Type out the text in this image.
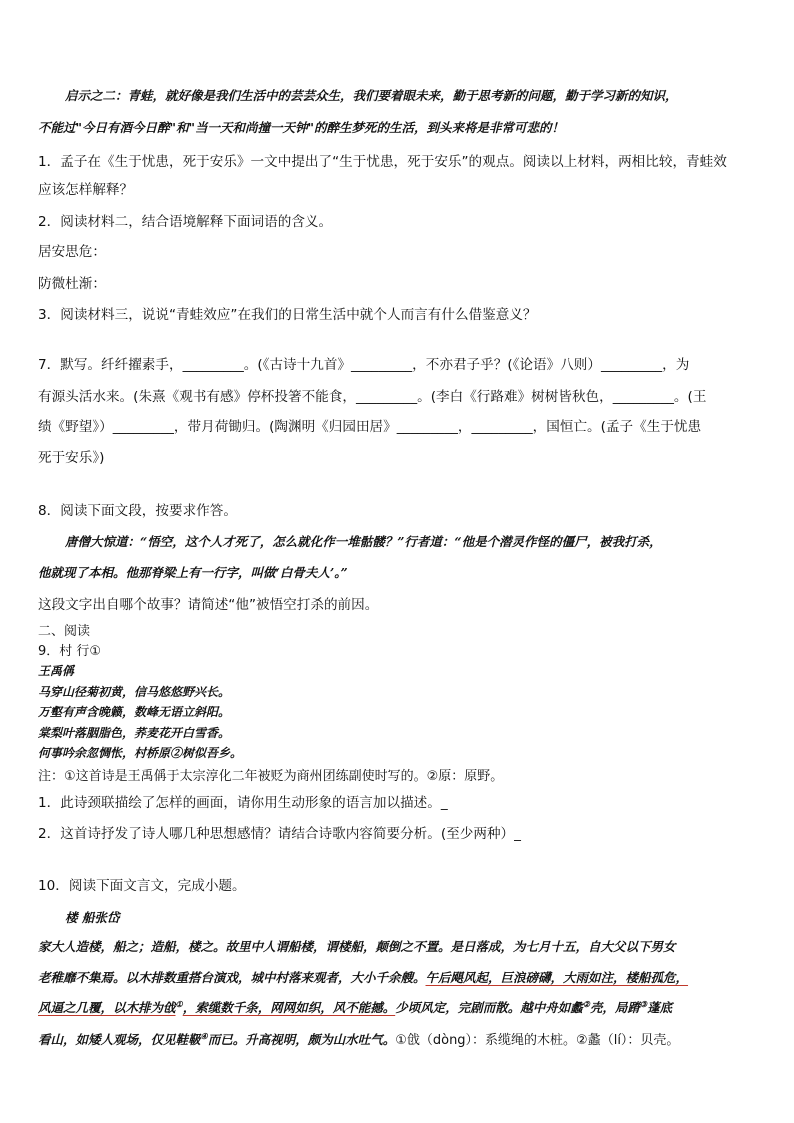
启示之二：青蛙，就好像是我们生活中的芸芸众生，我们要着眼未来，勤于思考新的问题，勤于学习新的知识，
不能过"今日有酒今日醉"和"当一天和尚撞一天钟"的醉生梦死的生活，到头来将是非常可悲的！
1．孟子在《生于忧患，死于安乐》一文中提出了“生于忧患，死于安乐”的观点。阅读以上材料，两相比较，青蛙效
应该怎样解释？
2．阅读材料二，结合语境解释下面词语的含义。
居安思危：
防微杜渐：
3．阅读材料三，说说“青蛙效应”在我们的日常生活中就个人而言有什么借鉴意义？
7．默写。纤纤擢素手，_________。(《古诗十九首》_________，不亦君子乎？(《论语》八则）_________，为
有源头活水来。(朱熹《观书有感》停杯投箸不能食，_________。(李白《行路难》树树皆秋色，_________。(王
绩《野望》）_________，带月荷锄归。(陶渊明《归园田居》_________，_________，国恒亡。(孟子《生于忧患
死于安乐》)
8．阅读下面文段，按要求作答。
唐僧大惊道：“悟空，这个人才死了，怎么就化作一堆骷髅？”行者道：“他是个潜灵作怪的僵尸，被我打杀，
他就现了本相。他那脊梁上有一行字，叫做‘白骨夫人’。”
这段文字出自哪个故事？请简述“他”被悟空打杀的前因。
二、阅读
9．村 行①
王禹偁
马穿山径菊初黄，信马悠悠野兴长。
万壑有声含晚籁，数峰无语立斜阳。
棠梨叶落胭脂色，荞麦花开白雪香。
何事吟余忽惆怅，村桥原②树似吾乡。
注：①这首诗是王禹偁于太宗淳化二年被贬为商州团练副使时写的。②原：原野。
1．此诗颈联描绘了怎样的画面，请你用生动形象的语言加以描述。_
2．这首诗抒发了诗人哪几种思想感情？请结合诗歌内容简要分析。(至少两种）_
10．阅读下面文言文，完成小题。
楼 船张岱
家大人造楼，船之；造船，楼之。故里中人谓船楼，谓楼船，颠倒之不置。是日落成，为七月十五，自大父以下男女
老稚靡不集焉。以木排数重搭台演戏，城中村落来观者，大小千余艘。午后飓风起，巨浪磅礴，大雨如注，楼船孤危，
风逼之几覆，以木排为戗①，索缆数千条，网网如织，风不能撼。少顷风定，完剧而散。越中舟如蠡②壳，局蹐③蓬底
看山，如矮人观场，仅见鞋靸④而已。升高视明，颇为山水吐气。①戗（dòng）：系缆绳的木桩。②蠡（lí）：贝壳。
